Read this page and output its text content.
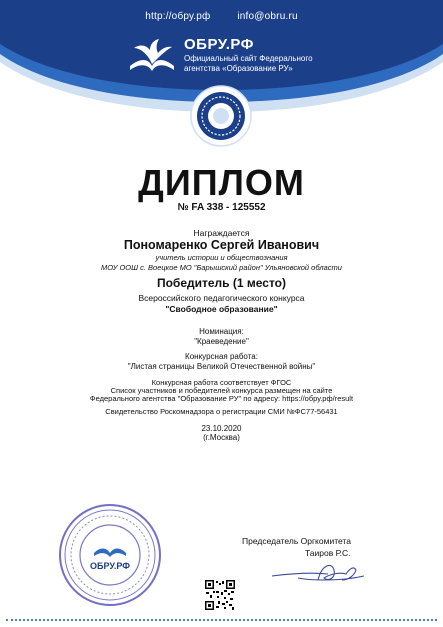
http://обру.рф	info@obru.ru
ОБРУ.РФ
Официальный сайт Федерального
агентства «Образование РУ»
ДИПЛОМ
№ FA 338 - 125552
Награждается
Пономаренко Сергей Иванович
учитель истории и обществознания
МОУ ООШ с. Воецкое МО "Барышский район" Ульяновской области
Победитель (1 место)
Всероссийского педагогического конкурса
"Свободное образование"
Номинация:
"Краеведение"
Конкурсная работа:
"Листая страницы Великой Отечественной войны"
Конкурсная работа соответствует ФГОС
Список участников и победителей конкурса размещен на сайте
Федерального агентства "Образование РУ" по адресу: https://обру.рф/result
Свидетельство Роскомнадзора о регистрации СМИ №ФС77-56431
23.10.2020
(г.Москва)
ОБРУ.РФ
Председатель Оргкомитета
Таиров Р.С.
